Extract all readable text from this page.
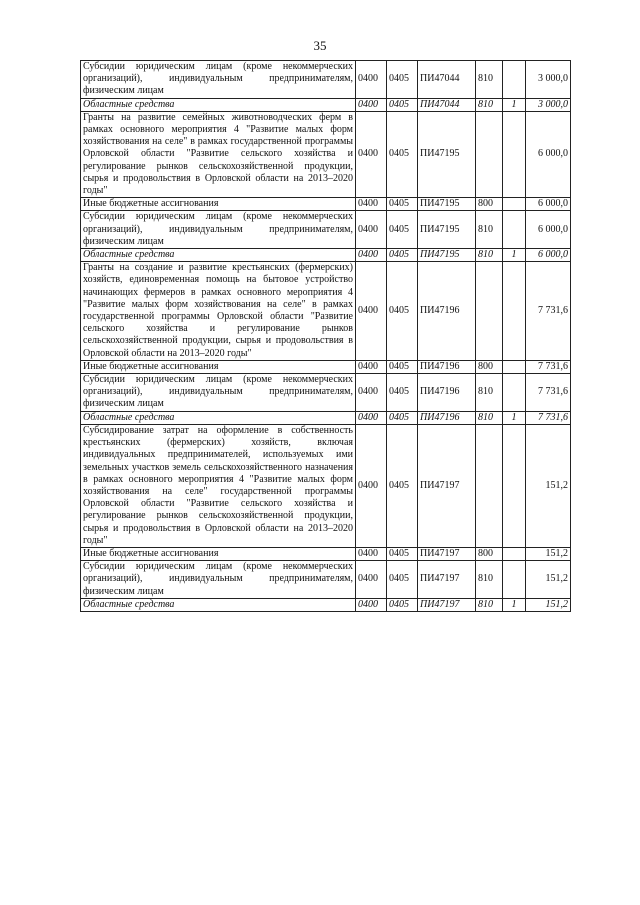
35
Субсидии юридическим лицам (кроме некоммерческих организаций), индивидуальным предпринимателям, физическим лицам	0400	0405	ПИ47044	810		3 000,0
Областные средства	0400	0405	ПИ47044	810	1	3 000,0
Гранты на развитие семейных животноводческих ферм в рамках основного мероприятия 4 "Развитие малых форм хозяйствования на селе" в рамках государственной программы Орловской области "Развитие сельского хозяйства и регулирование рынков сельскохозяйственной продукции, сырья и продовольствия в Орловской области на 2013–2020 годы"	0400	0405	ПИ47195			6 000,0
Иные бюджетные ассигнования	0400	0405	ПИ47195	800		6 000,0
Субсидии юридическим лицам (кроме некоммерческих организаций), индивидуальным предпринимателям, физическим лицам	0400	0405	ПИ47195	810		6 000,0
Областные средства	0400	0405	ПИ47195	810	1	6 000,0
Гранты на создание и развитие крестьянских (фермерских) хозяйств, единовременная помощь на бытовое устройство начинающих фермеров в рамках основного мероприятия 4 "Развитие малых форм хозяйствования на селе" в рамках государственной программы Орловской области "Развитие сельского хозяйства и регулирование рынков сельскохозяйственной продукции, сырья и продовольствия в Орловской области на 2013–2020 годы"	0400	0405	ПИ47196			7 731,6
Иные бюджетные ассигнования	0400	0405	ПИ47196	800		7 731,6
Субсидии юридическим лицам (кроме некоммерческих организаций), индивидуальным предпринимателям, физическим лицам	0400	0405	ПИ47196	810		7 731,6
Областные средства	0400	0405	ПИ47196	810	1	7 731,6
Субсидирование затрат на оформление в собственность крестьянских (фермерских) хозяйств, включая индивидуальных предпринимателей, используемых ими земельных участков земель сельскохозяйственного назначения в рамках основного мероприятия 4 "Развитие малых форм хозяйствования на селе" государственной программы Орловской области "Развитие сельского хозяйства и регулирование рынков сельскохозяйственной продукции, сырья и продовольствия в Орловской области на 2013–2020 годы"	0400	0405	ПИ47197			151,2
Иные бюджетные ассигнования	0400	0405	ПИ47197	800		151,2
Субсидии юридическим лицам (кроме некоммерческих организаций), индивидуальным предпринимателям, физическим лицам	0400	0405	ПИ47197	810		151,2
Областные средства	0400	0405	ПИ47197	810	1	151,2
